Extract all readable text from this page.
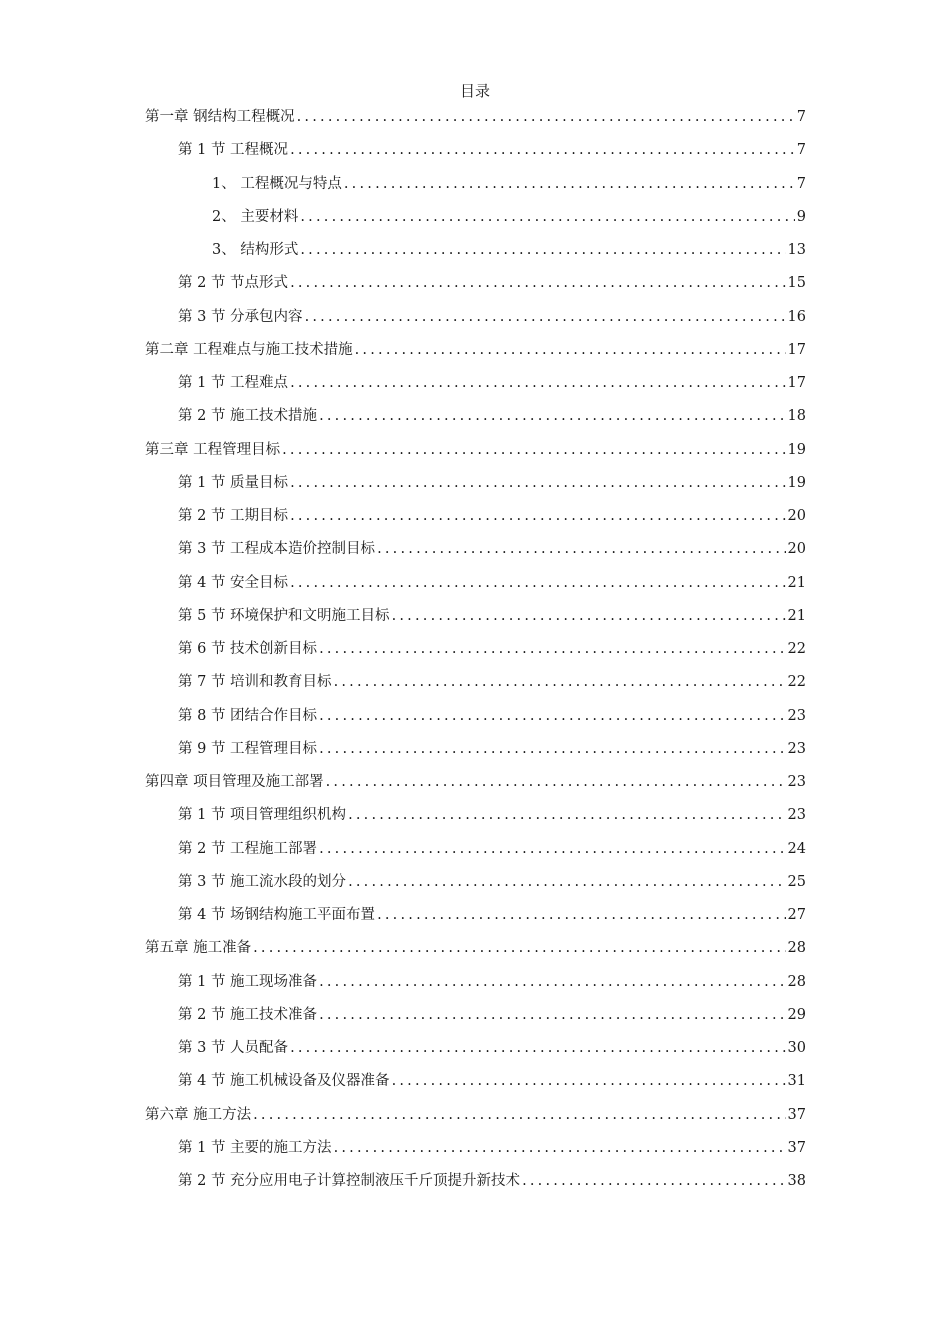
目录
第一章 钢结构工程概况 .....	7
第 1 节 工程概况 .....	7
1、 工程概况与特点 .....	7
2、 主要材料 .....	9
3、 结构形式 .....	13
第 2 节 节点形式 .....	15
第 3 节 分承包内容 .....	16
第二章 工程难点与施工技术措施 .....	17
第 1 节 工程难点 .....	17
第 2 节 施工技术措施 .....	18
第三章 工程管理目标 .....	19
第 1 节 质量目标 .....	19
第 2 节 工期目标 .....	20
第 3 节 工程成本造价控制目标 .....	20
第 4 节 安全目标 .....	21
第 5 节 环境保护和文明施工目标 .....	21
第 6 节 技术创新目标 .....	22
第 7 节 培训和教育目标 .....	22
第 8 节 团结合作目标 .....	23
第 9 节 工程管理目标 .....	23
第四章 项目管理及施工部署 .....	23
第 1 节 项目管理组织机构 .....	23
第 2 节 工程施工部署 .....	24
第 3 节 施工流水段的划分 .....	25
第 4 节 场钢结构施工平面布置 .....	27
第五章 施工准备 .....	28
第 1 节 施工现场准备 .....	28
第 2 节 施工技术准备 .....	29
第 3 节 人员配备 .....	30
第 4 节 施工机械设备及仪器准备 .....	31
第六章 施工方法 .....	37
第 1 节 主要的施工方法 .....	37
第 2 节 充分应用电子计算控制液压千斤顶提升新技术 .....	38
